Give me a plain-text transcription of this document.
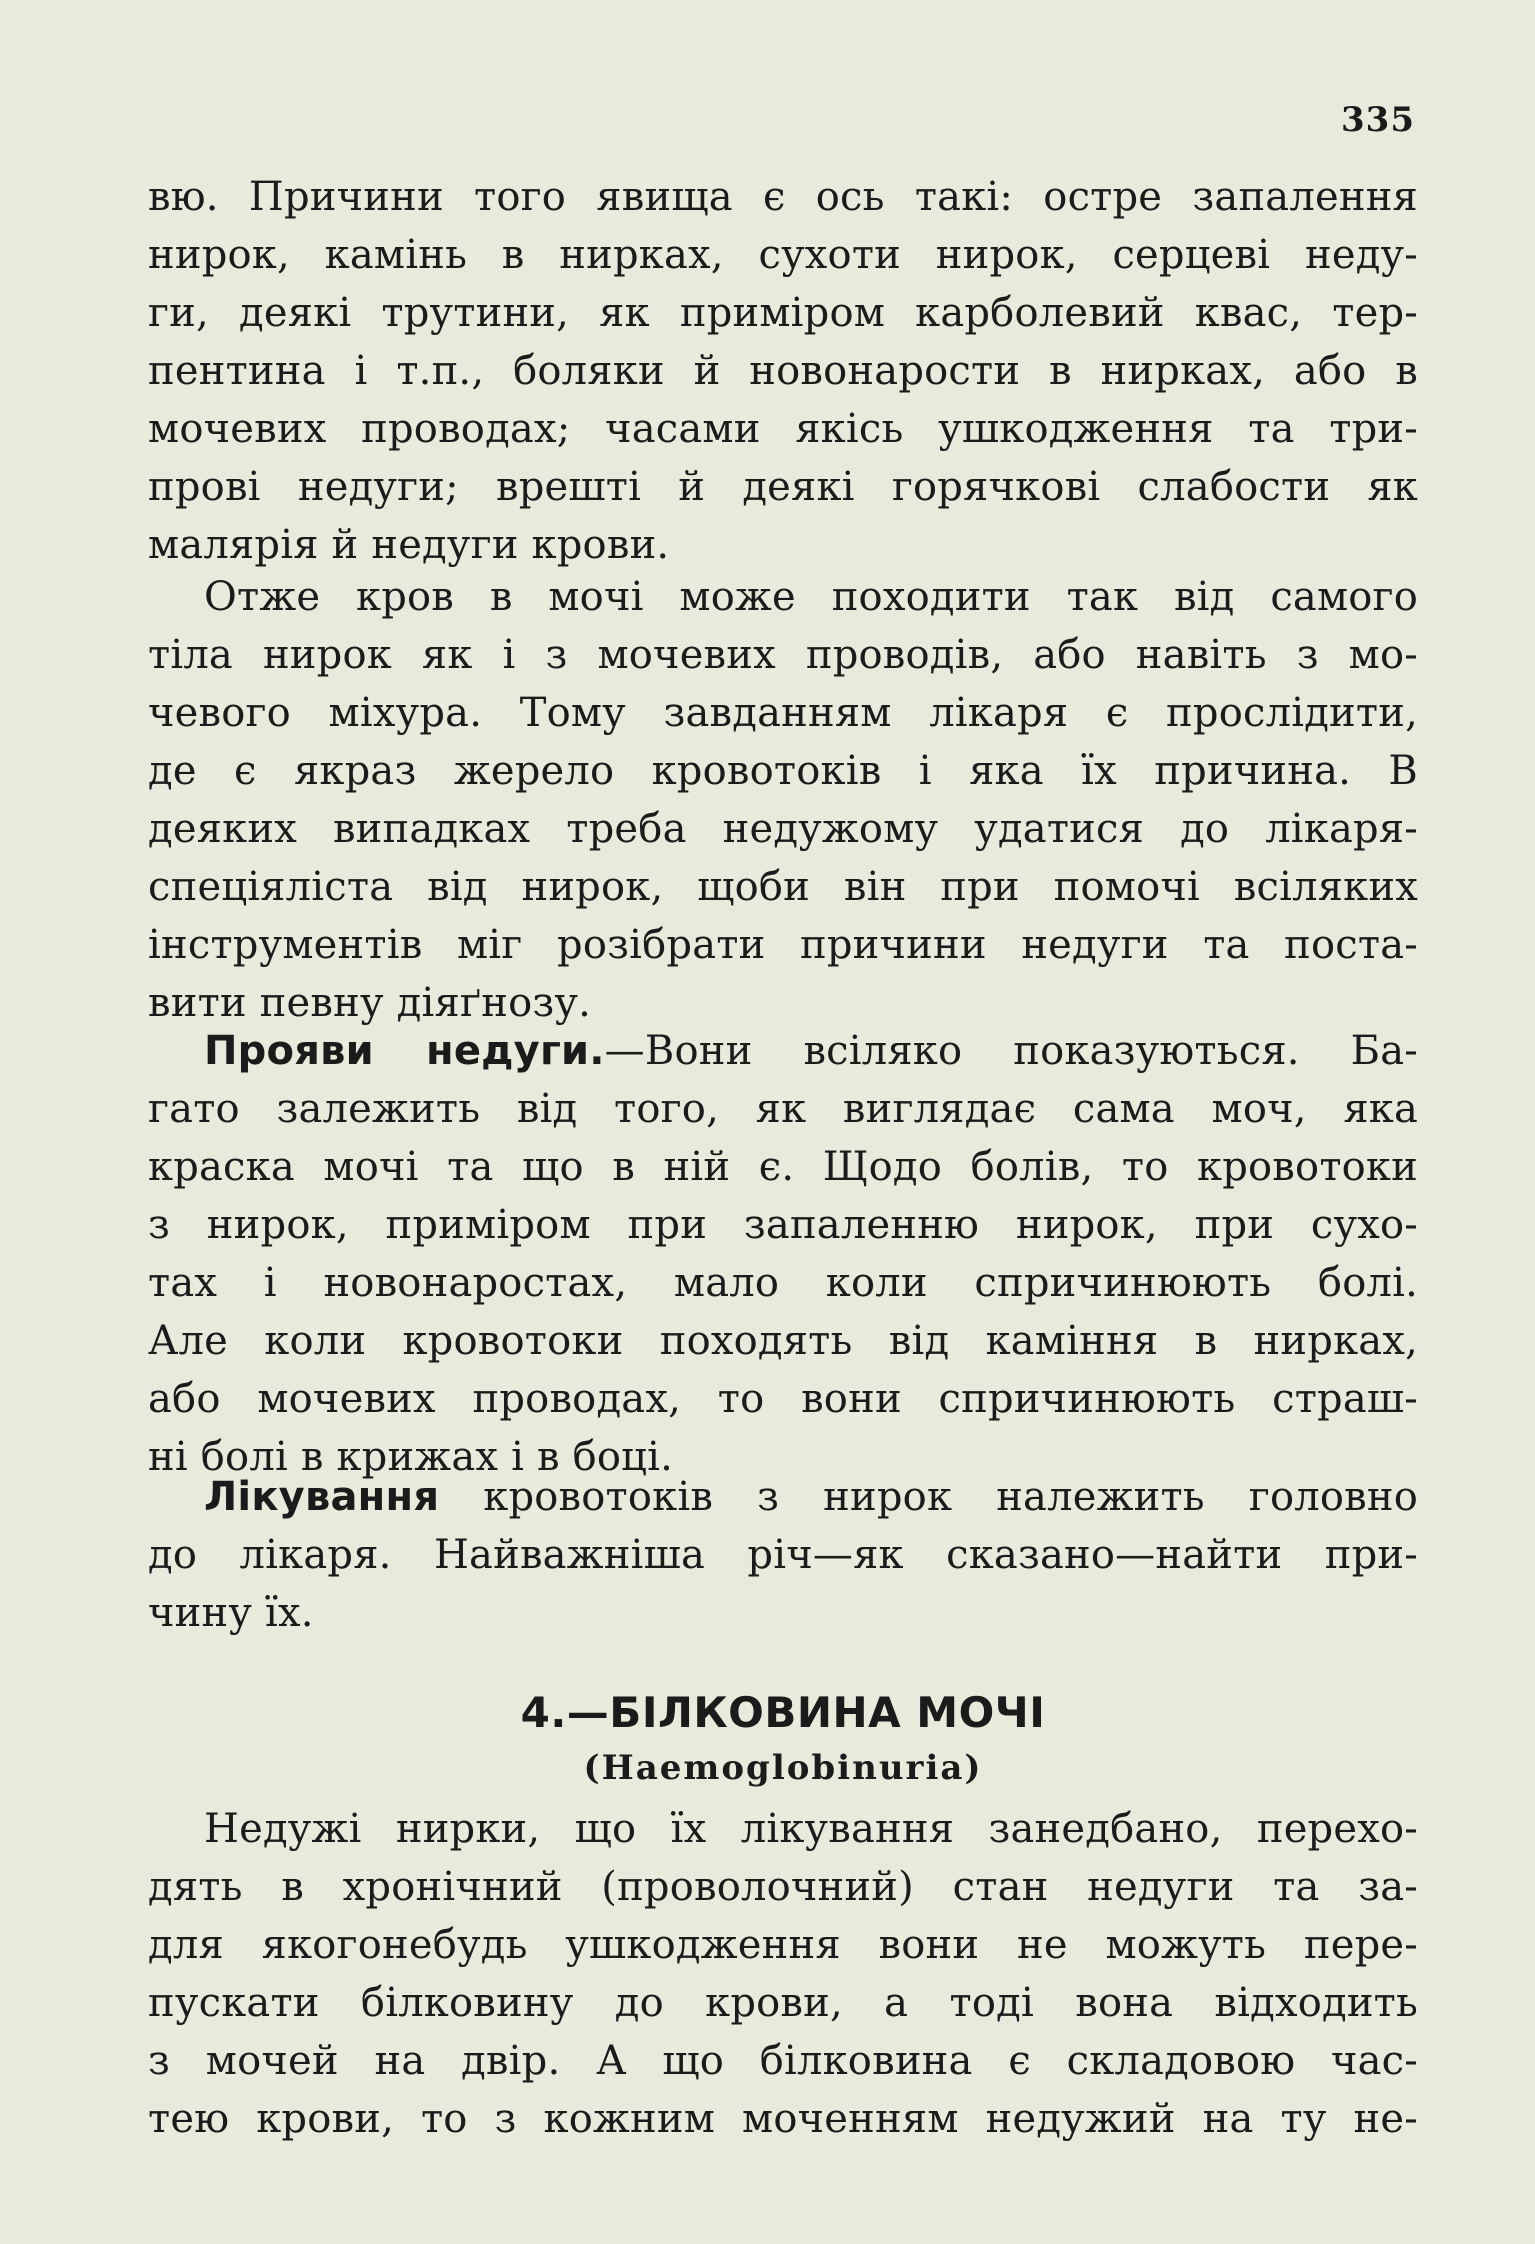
335
вю. Причини того явища є ось такі: остре запалення
нирок, камінь в нирках, сухоти нирок, серцеві неду-
ги, деякі трутини, як приміром карболевий квас, тер-
пентина і т.п., боляки й новонарости в нирках, або в
мочевих проводах; часами якісь ушкодження та три-
прові недуги; врешті й деякі горячкові слабости як
малярія й недуги крови.
Отже кров в мочі може походити так від самого
тіла нирок як і з мочевих проводів, або навіть з мо-
чевого міхура. Тому завданням лікаря є прослідити,
де є якраз жерело кровотоків і яка їх причина. В
деяких випадках треба недужому удатися до лікаря-
спеціяліста від нирок, щоби він при помочі всіляких
інструментів міг розібрати причини недуги та поста-
вити певну діяґнозу.
Прояви недуги.—Вони всіляко показуються. Ба-
гато залежить від того, як виглядає сама моч, яка
краска мочі та що в ній є. Щодо болів, то кровотоки
з нирок, приміром при запаленню нирок, при сухо-
тах і новонаростах, мало коли спричинюють болі.
Але коли кровотоки походять від каміння в нирках,
або мочевих проводах, то вони спричинюють страш-
ні болі в крижах і в боці.
Лікування кровотоків з нирок належить головно
до лікаря. Найважніша річ—як сказано—найти при-
чину їх.
4.—БІЛКОВИНА МОЧІ
(Haemoglobinuria)
Недужі нирки, що їх лікування занедбано, перехо-
дять в хронічний (проволочний) стан недуги та за-
для якогонебудь ушкодження вони не можуть пере-
пускати білковину до крови, а тоді вона відходить
з мочей на двір. А що білковина є складовою час-
тею крови, то з кожним моченням недужий на ту не-
